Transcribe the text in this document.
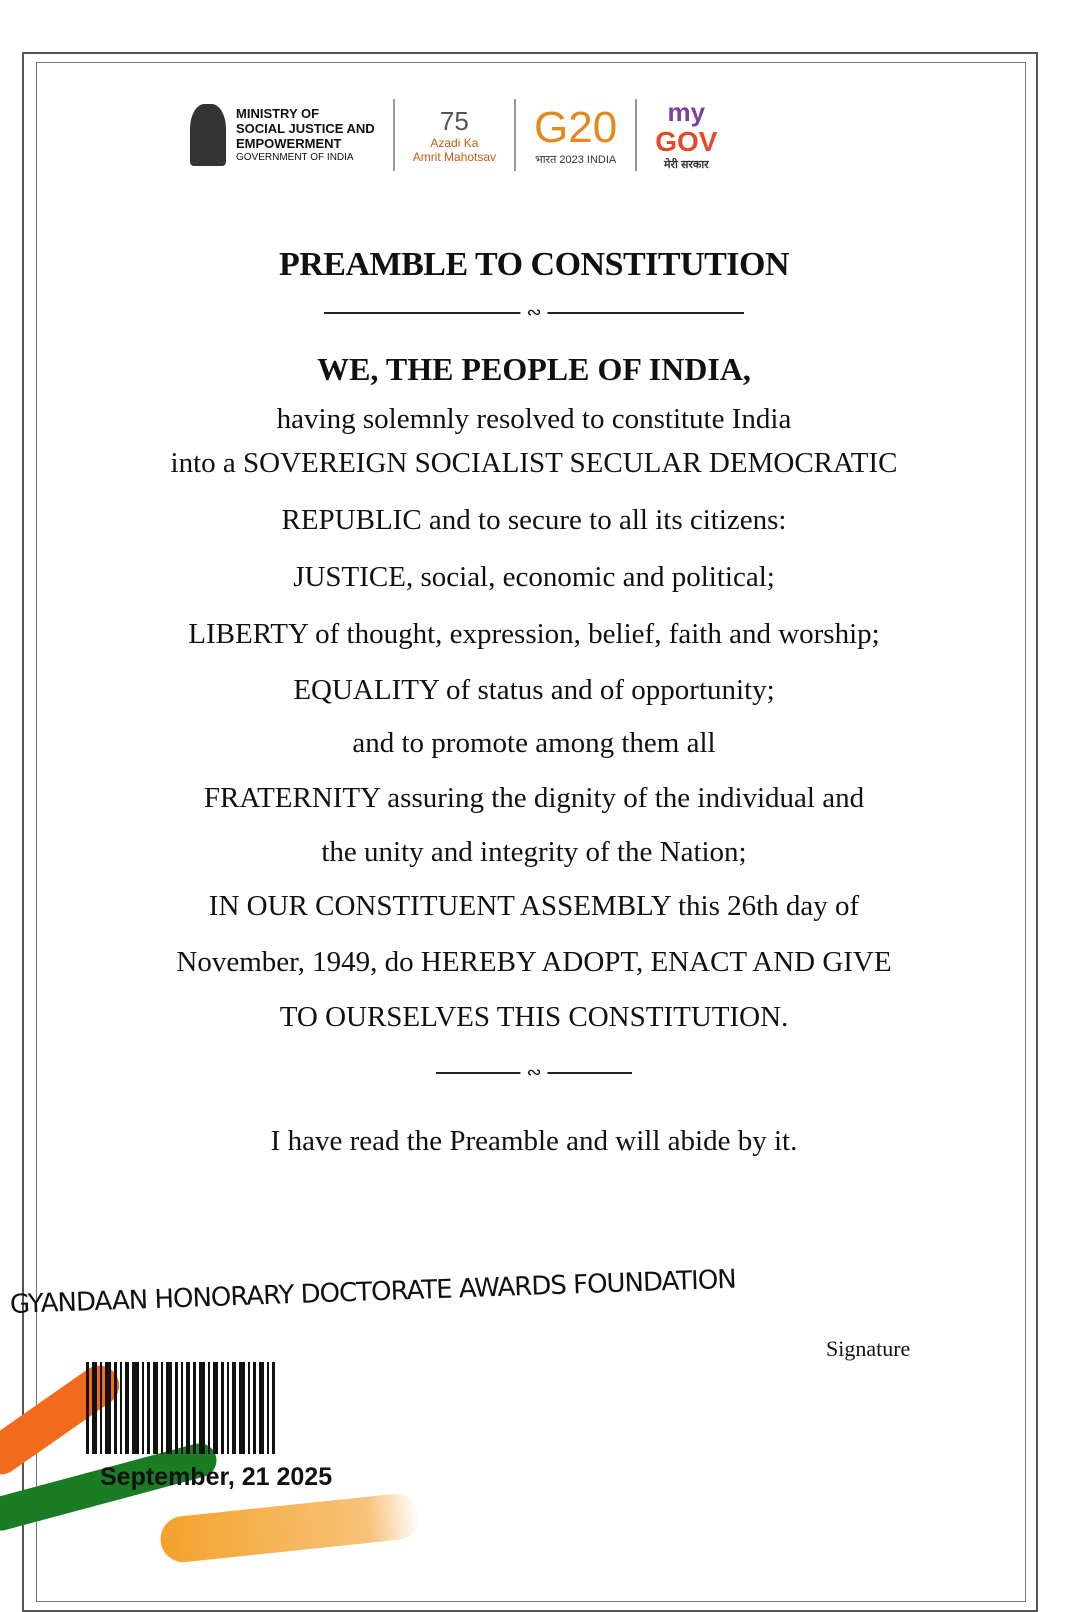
MINISTRY OF
SOCIAL JUSTICE AND
EMPOWERMENT
GOVERNMENT OF INDIA
75
Azadi Ka
Amrit Mahotsav
G20
भारत 2023 INDIA
my
GOV
मेरी सरकार
PREAMBLE TO CONSTITUTION
∾
WE, THE PEOPLE OF INDIA,
having solemnly resolved to constitute India
into a SOVEREIGN SOCIALIST SECULAR DEMOCRATIC
REPUBLIC and to secure to all its citizens:
JUSTICE, social, economic and political;
LIBERTY of thought, expression, belief, faith and worship;
EQUALITY of status and of opportunity;
and to promote among them all
FRATERNITY assuring the dignity of the individual and
the unity and integrity of the Nation;
IN OUR CONSTITUENT ASSEMBLY this 26th day of
November, 1949, do HEREBY ADOPT, ENACT AND GIVE
TO OURSELVES THIS CONSTITUTION.
∾
I have read the Preamble and will abide by it.
GYANDAAN HONORARY DOCTORATE AWARDS FOUNDATION
Signature
September, 21 2025
